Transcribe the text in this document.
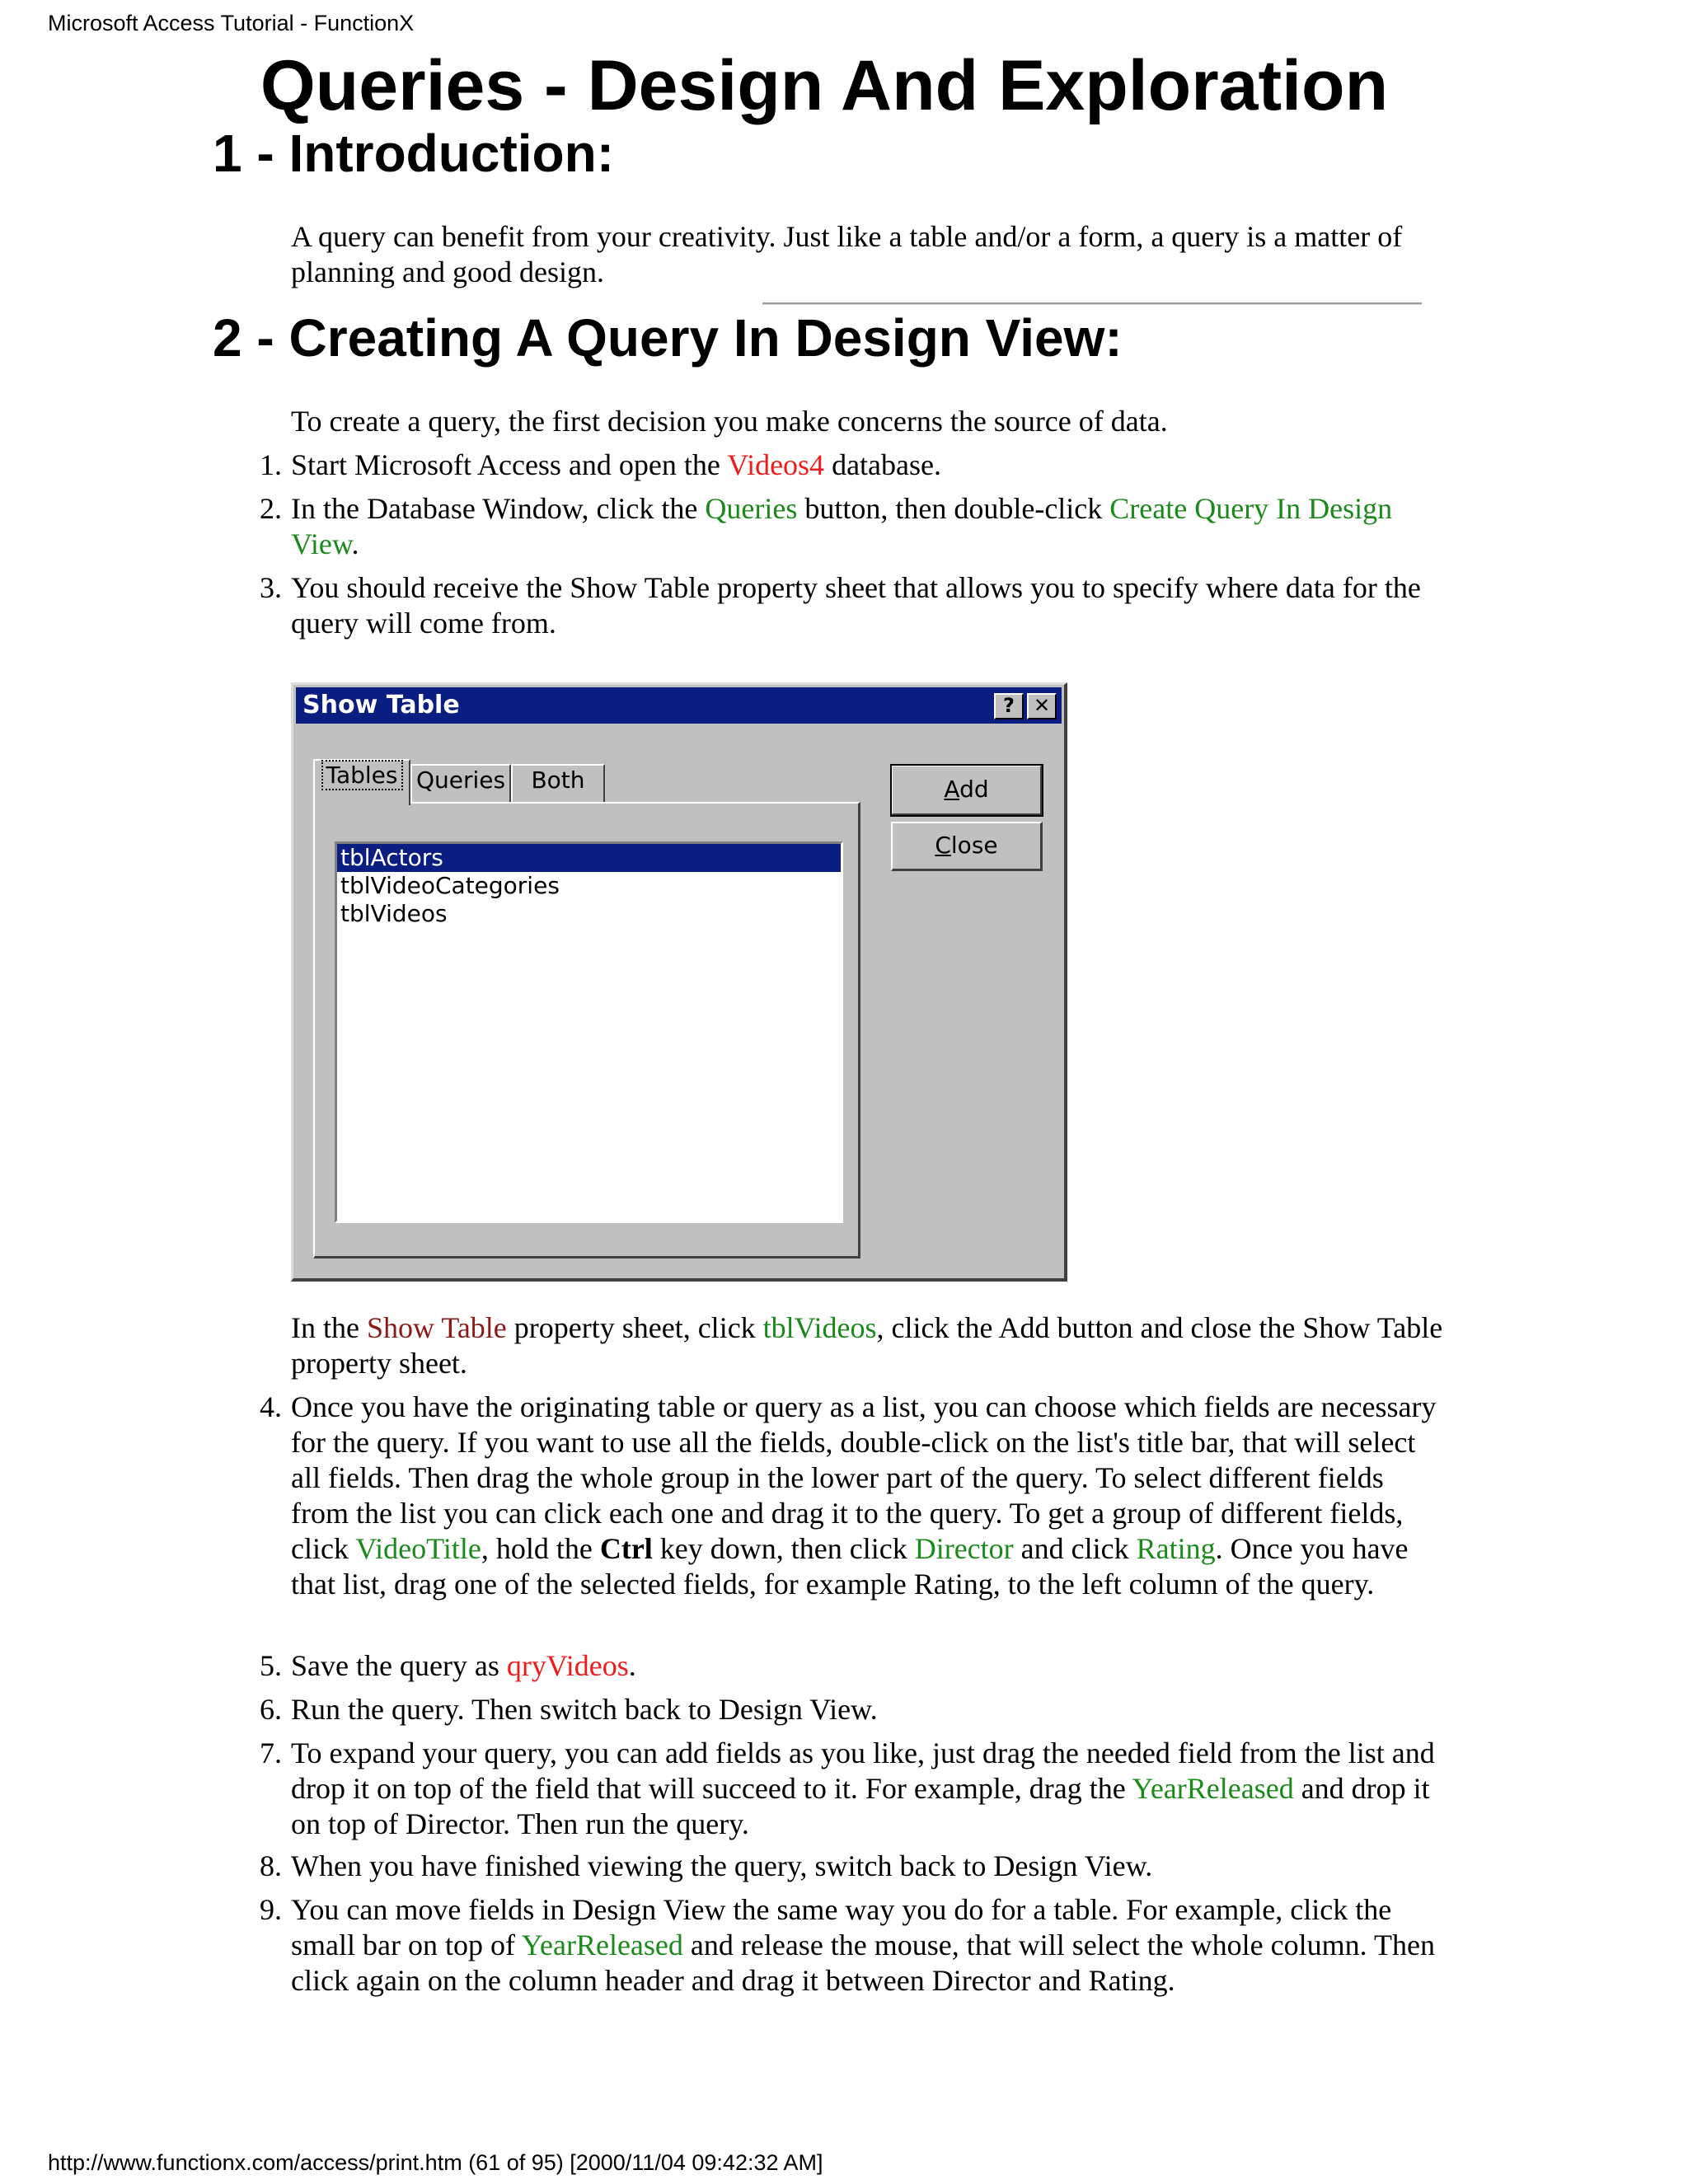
Microsoft Access Tutorial - FunctionX
Queries - Design And Exploration
1 - Introduction:

A query can benefit from your creativity. Just like a table and/or a form, a query is a matter of planning and good design.

2 - Creating A Query In Design View:

To create a query, the first decision you make concerns the source of data.

1. Start Microsoft Access and open the Videos4 database.
2. In the Database Window, click the Queries button, then double-click Create Query In Design View.
3. You should receive the Show Table property sheet that allows you to specify where data for the query will come from.
Show Table	? ✕
Tables Queries	Both
tblActors
tblVideoCategories
tblVideos
Add
Close

In the Show Table property sheet, click tblVideos, click the Add button and close the Show Table property sheet.

4. Once you have the originating table or query as a list, you can choose which fields are necessary for the query. If you want to use all the fields, double-click on the list's title bar, that will select all fields. Then drag the whole group in the lower part of the query. To select different fields from the list you can click each one and drag it to the query. To get a group of different fields, click VideoTitle, hold the Ctrl key down, then click Director and click Rating. Once you have that list, drag one of the selected fields, for example Rating, to the left column of the query.
5. Save the query as qryVideos.
6. Run the query. Then switch back to Design View.
7. To expand your query, you can add fields as you like, just drag the needed field from the list and drop it on top of the field that will succeed to it. For example, drag the YearReleased and drop it on top of Director. Then run the query.
8. When you have finished viewing the query, switch back to Design View.
9. You can move fields in Design View the same way you do for a table. For example, click the small bar on top of YearReleased and release the mouse, that will select the whole column. Then click again on the column header and drag it between Director and Rating.
http://www.functionx.com/access/print.htm (61 of 95) [2000/11/04 09:42:32 AM]
